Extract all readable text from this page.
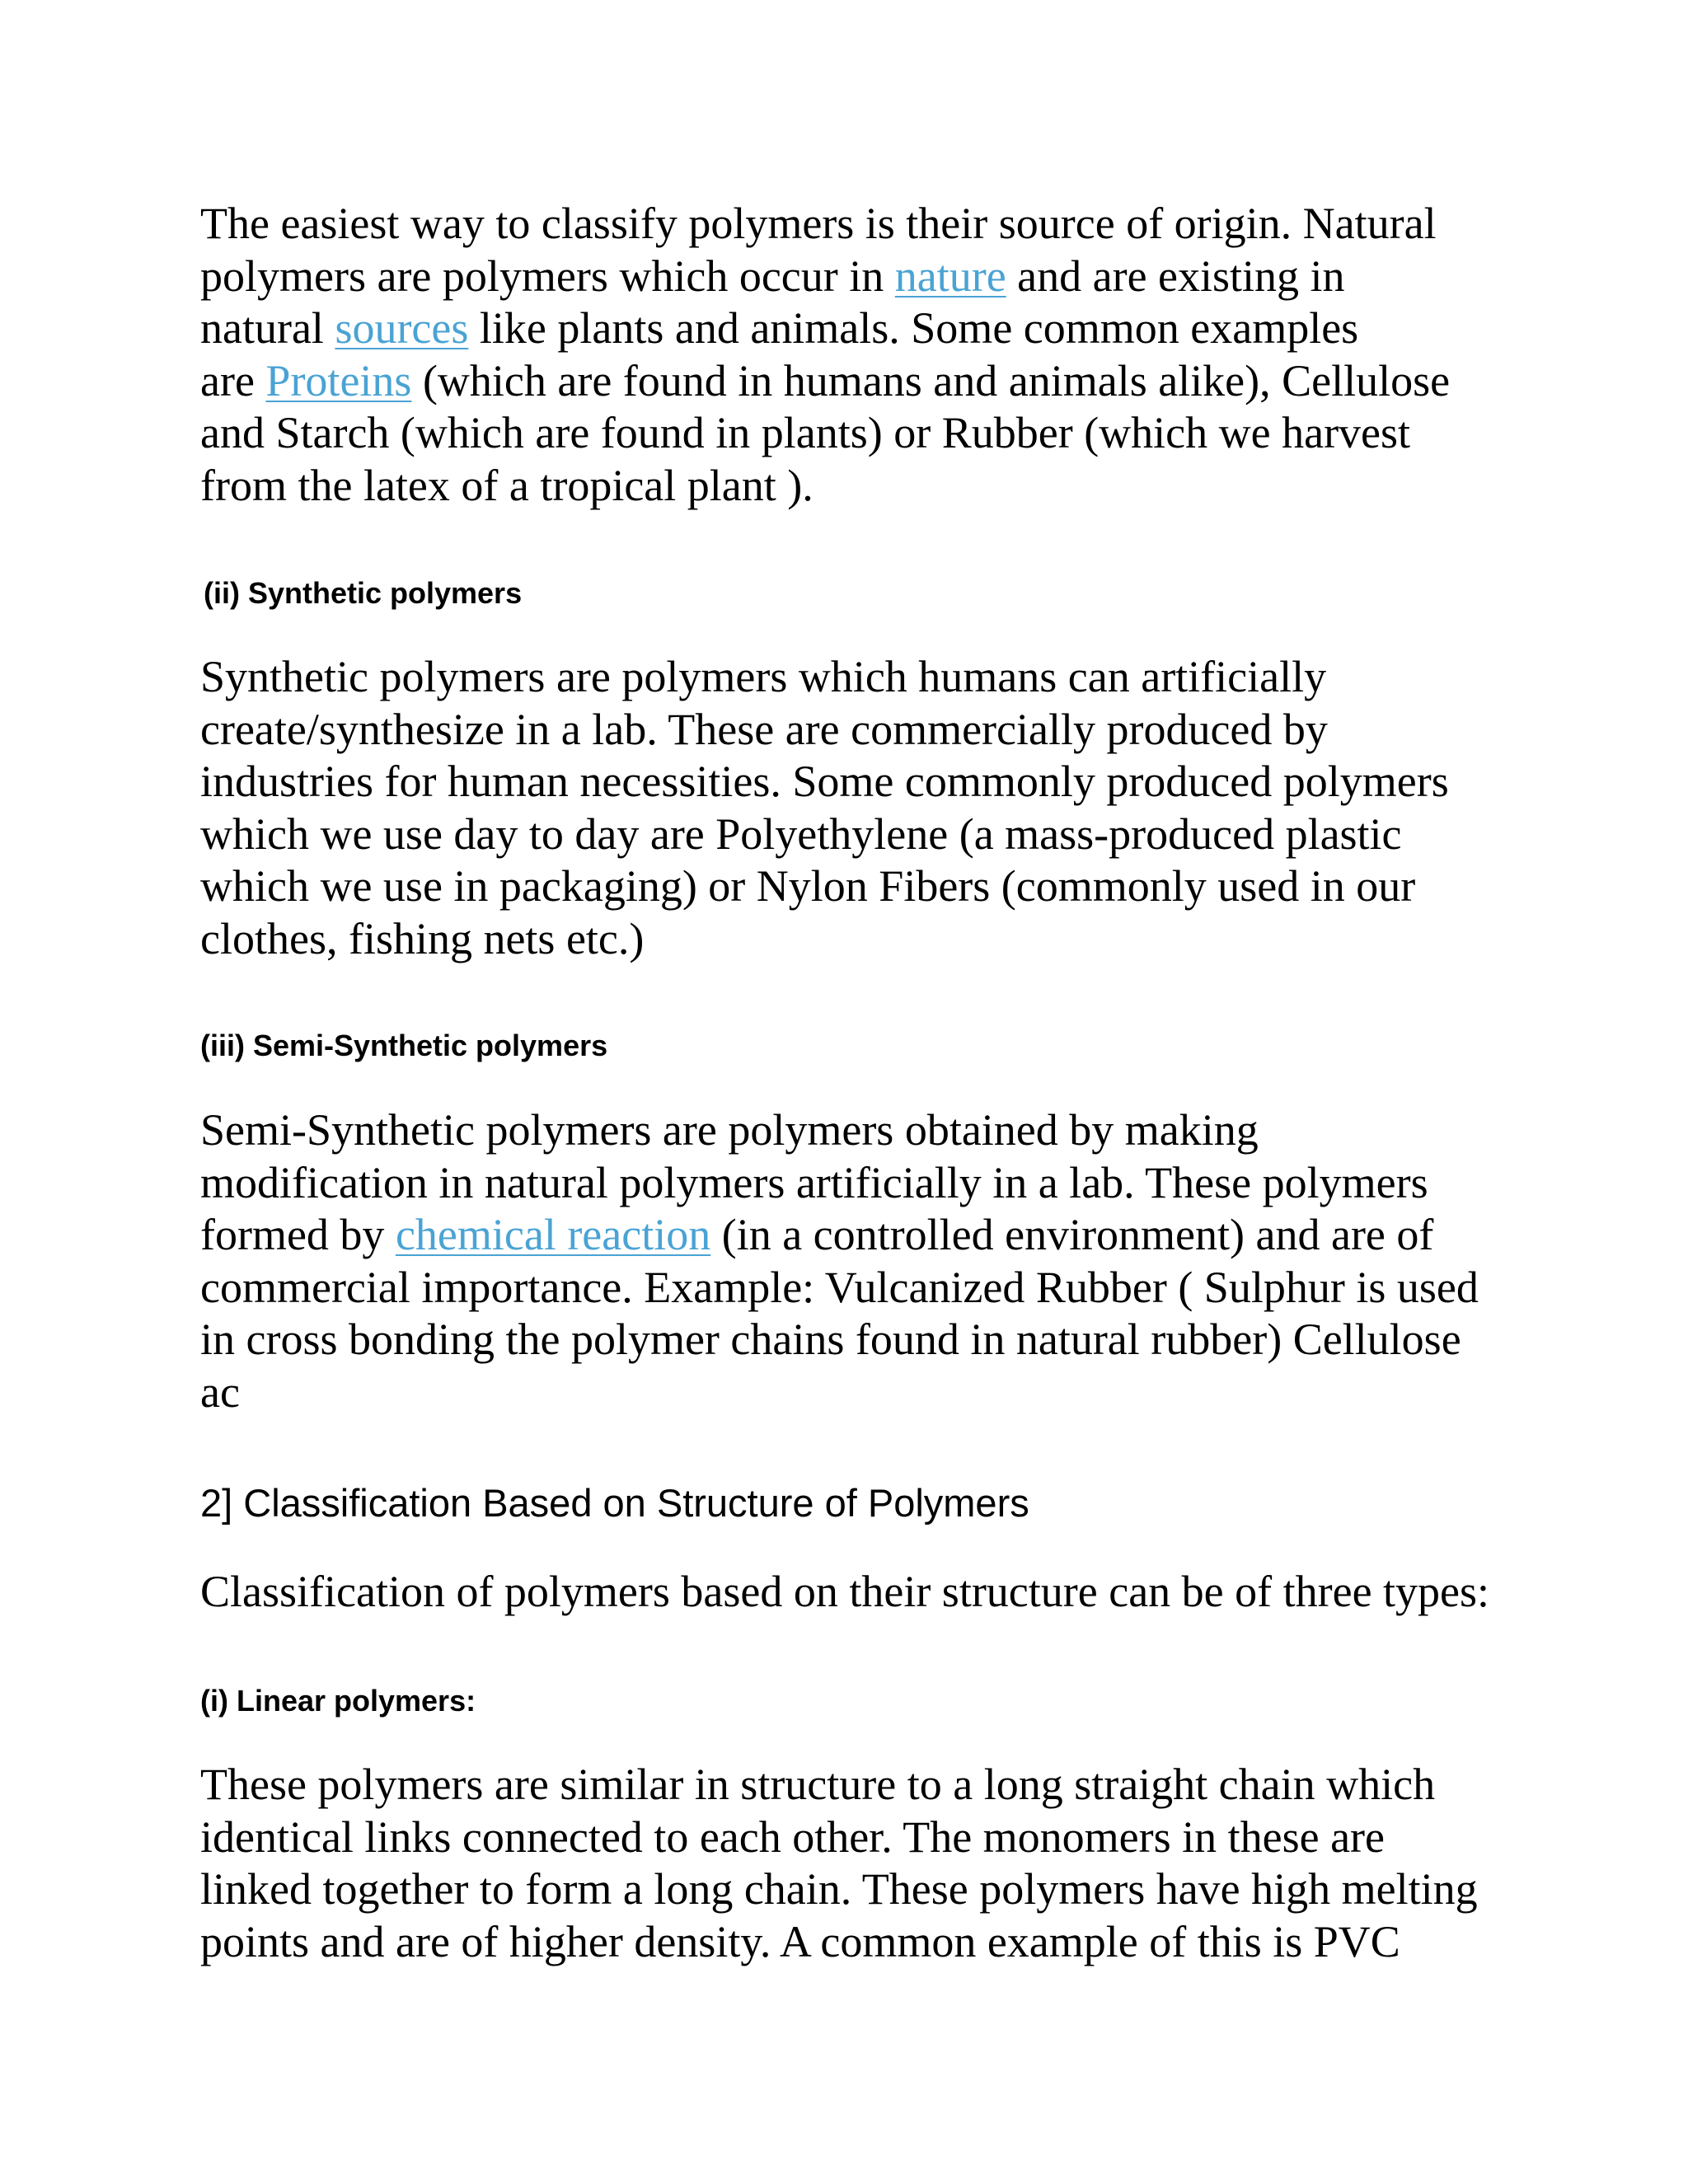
The easiest way to classify polymers is their source of origin. Natural
polymers are polymers which occur in nature and are existing in
natural sources like plants and animals. Some common examples
are Proteins (which are found in humans and animals alike), Cellulose
and Starch (which are found in plants) or Rubber (which we harvest
from the latex of a tropical plant ).

(ii) Synthetic polymers

Synthetic polymers are polymers which humans can artificially
create/synthesize in a lab. These are commercially produced by
industries for human necessities. Some commonly produced polymers
which we use day to day are Polyethylene (a mass-produced plastic
which we use in packaging) or Nylon Fibers (commonly used in our
clothes, fishing nets etc.)

(iii) Semi-Synthetic polymers

Semi-Synthetic polymers are polymers obtained by making
modification in natural polymers artificially in a lab. These polymers
formed by chemical reaction (in a controlled environment) and are of
commercial importance. Example: Vulcanized Rubber ( Sulphur is used
in cross bonding the polymer chains found in natural rubber) Cellulose
ac

2] Classification Based on Structure of Polymers

Classification of polymers based on their structure can be of three types:

(i) Linear polymers:

These polymers are similar in structure to a long straight chain which
identical links connected to each other. The monomers in these are
linked together to form a long chain. These polymers have high melting
points and are of higher density. A common example of this is PVC
